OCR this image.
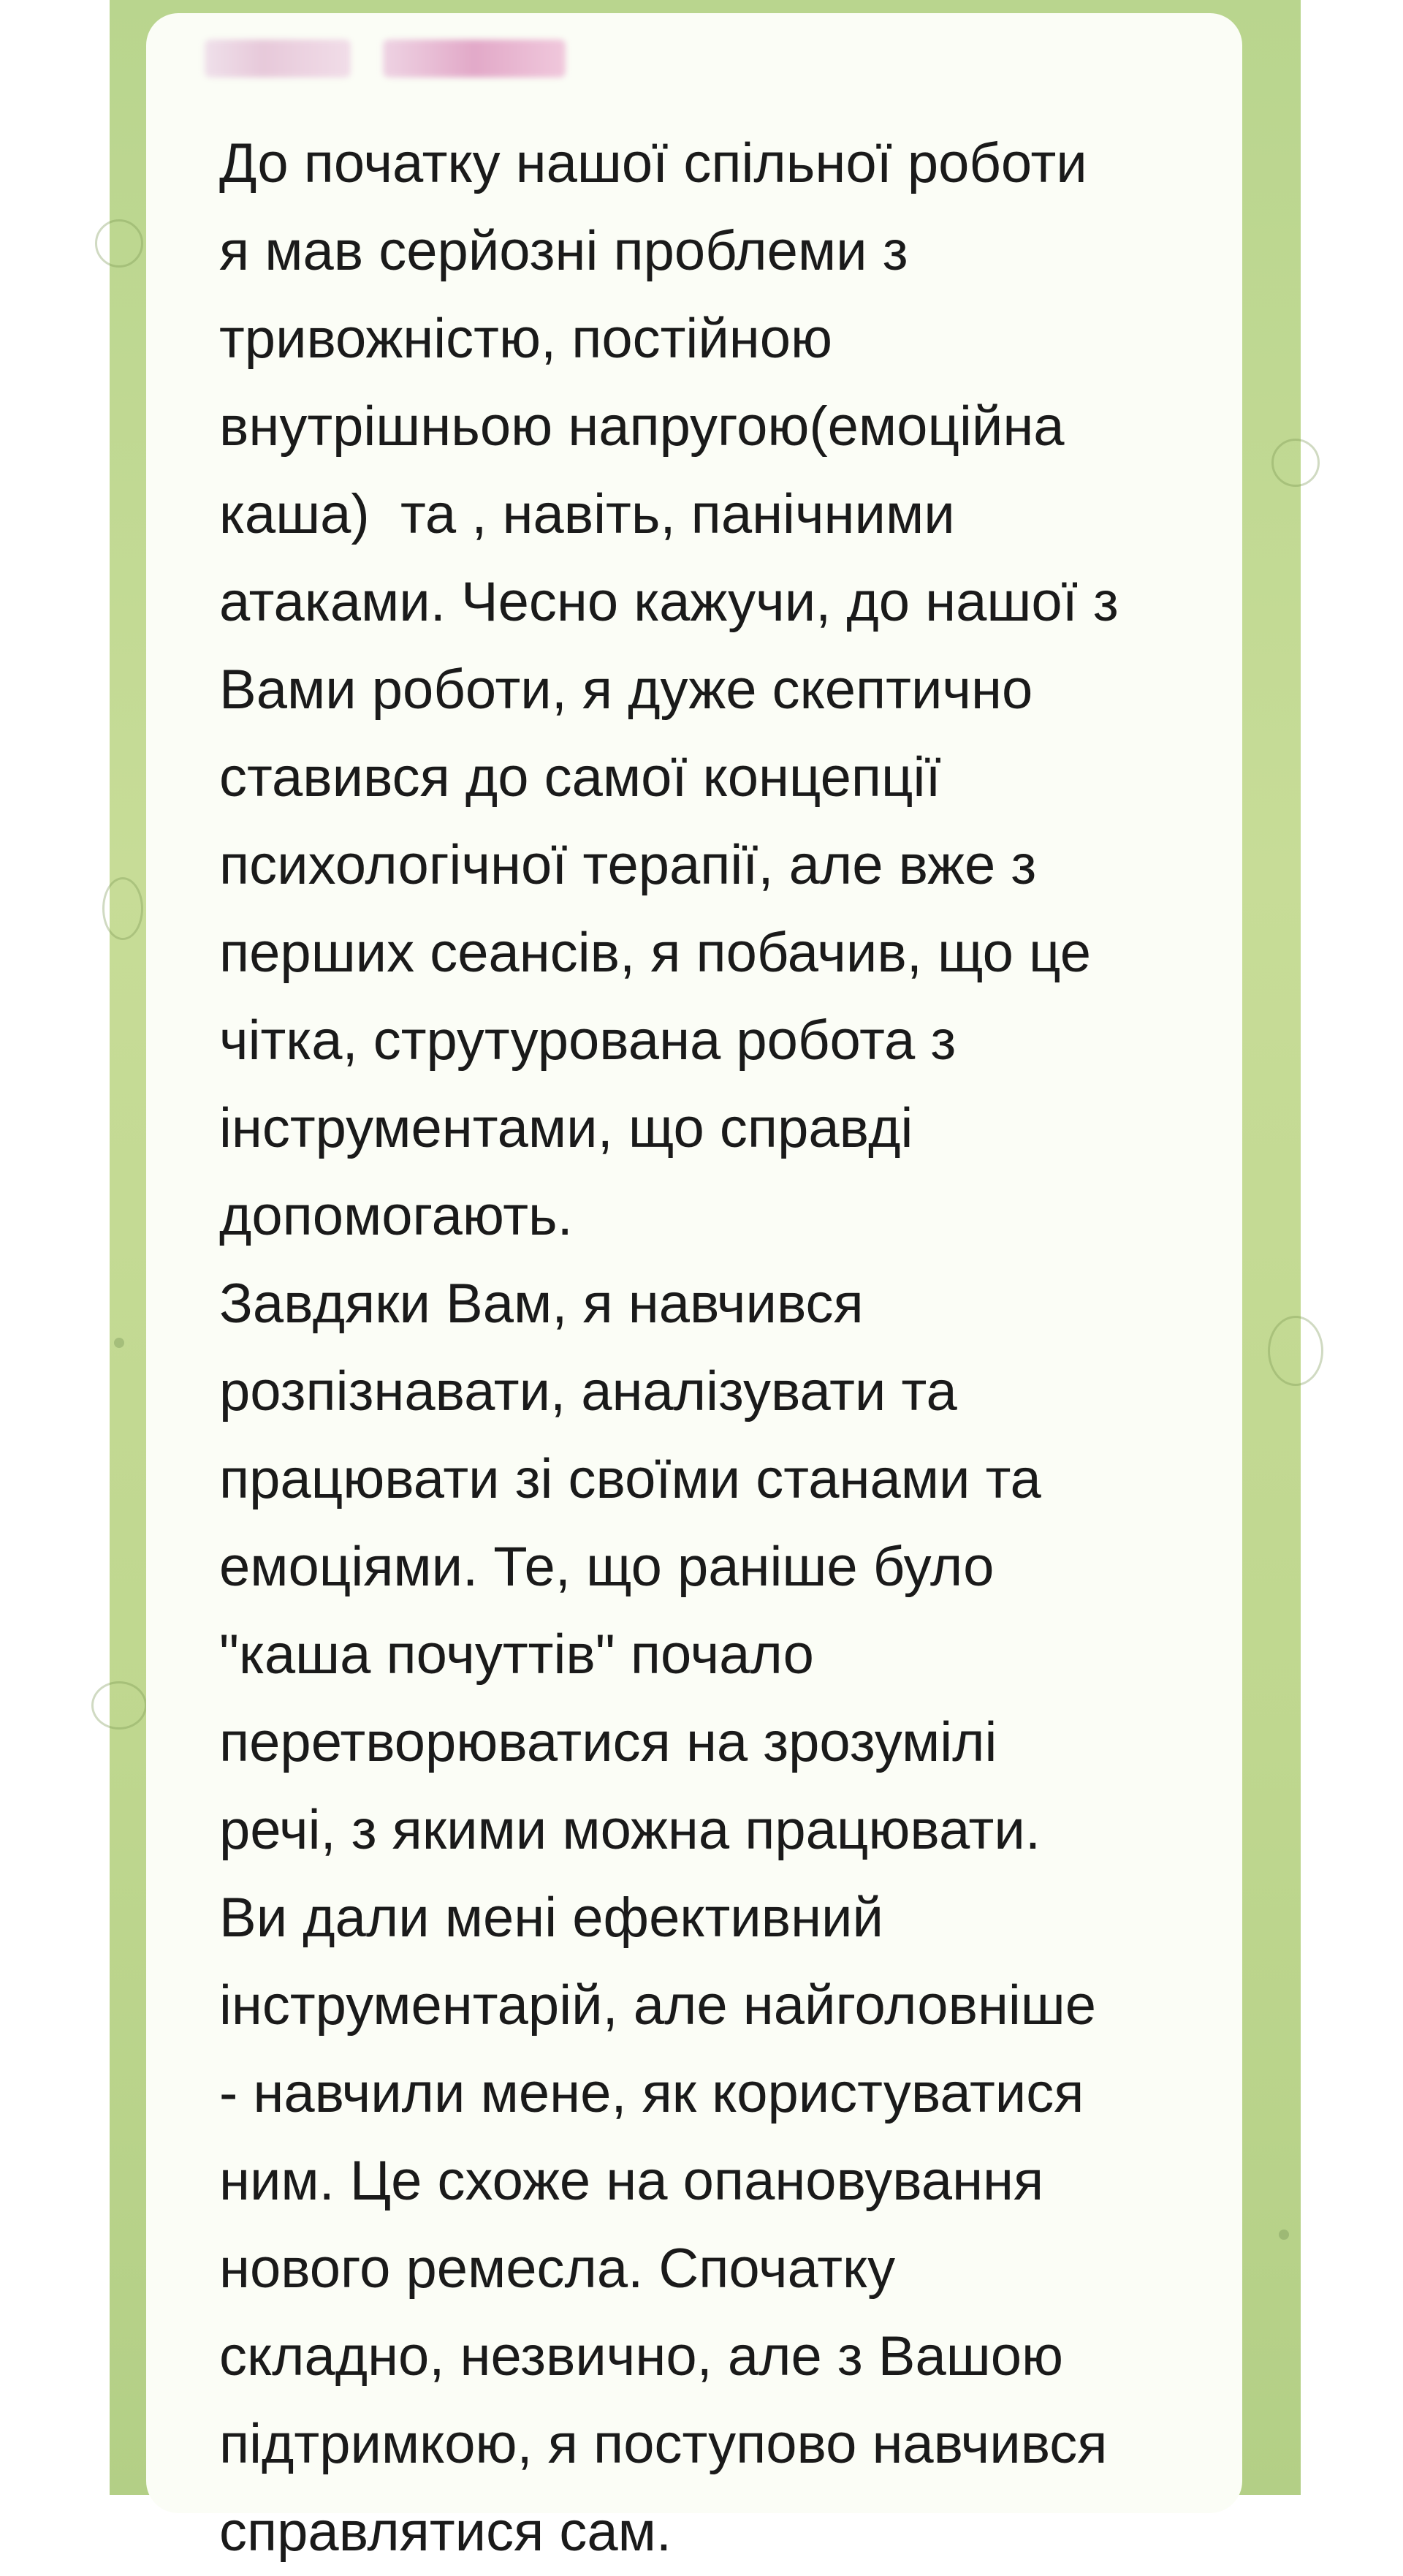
До початку нашої спільної роботи
я мав серйозні проблеми з
тривожністю, постійною
внутрішньою напругою(емоційна
каша)  та , навіть, панічними
атаками. Чесно кажучи, до нашої з
Вами роботи, я дуже скептично
ставився до самої концепції
психологічної терапії, але вже з
перших сеансів, я побачив, що це
чітка, струтурована робота з
інструментами, що справді
допомогають.
Завдяки Вам, я навчився
розпізнавати, аналізувати та
працювати зі своїми станами та
емоціями. Те, що раніше було
"каша почуттів" почало
перетворюватися на зрозумілі
речі, з якими можна працювати.
Ви дали мені ефективний
інструментарій, але найголовніше
- навчили мене, як користуватися
ним. Це схоже на опановування
нового ремесла. Спочатку
складно, незвично, але з Вашою
підтримкою, я поступово навчився
справлятися сам.
